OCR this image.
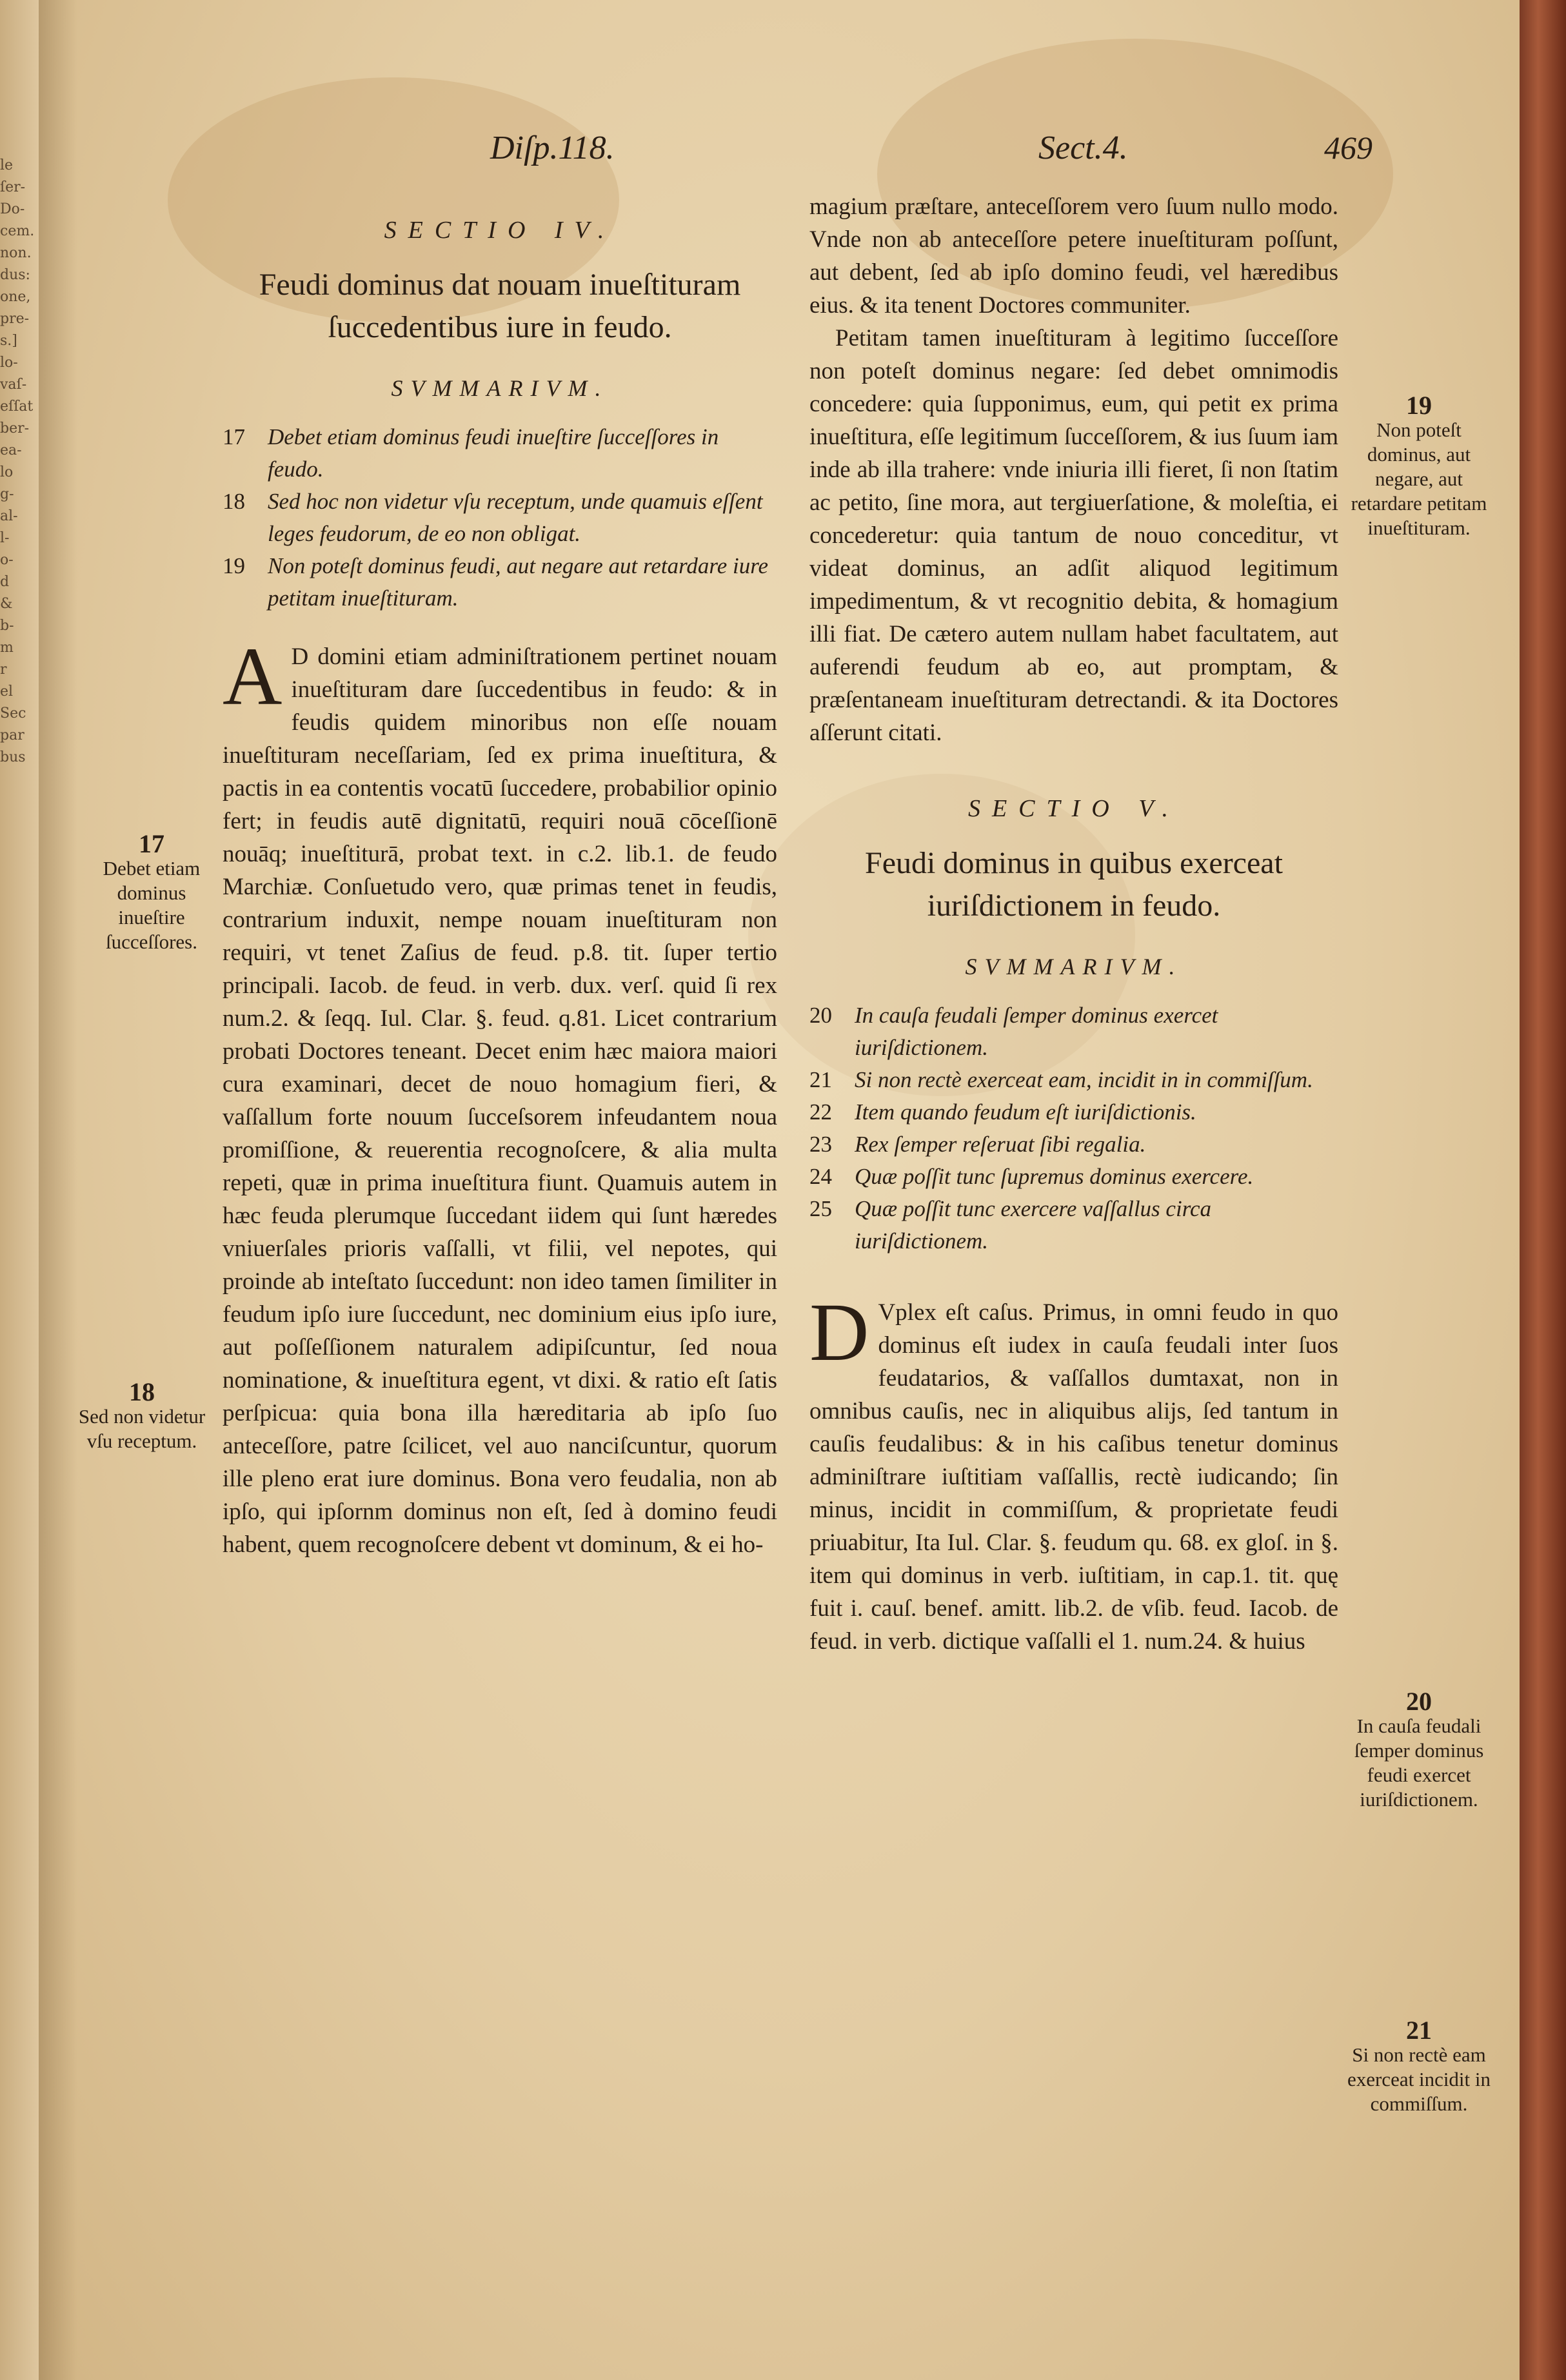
le ſer-
Do-
cem.
non.
dus:
one,
pre-
s.]
lo-
vaſ-
eſſat
ber-
ea-
lo
g-
al-
l-
o-
d
&
b-
m
r
el
Sec
par
bus
Diſp.118.	Sect.4.	469
SECTIO IV.
Feudi dominus dat nouam inueſtituram ſuccedentibus iure in feudo.
SVMMARIVM.
17	Debet etiam dominus feudi inueſtire ſucceſſores in feudo.
18	Sed hoc non videtur vſu receptum, unde quamuis eſſent leges feudorum, de eo non obligat.
19	Non poteſt dominus feudi, aut negare aut retardare iure petitam inueſtituram.

A D domini etiam adminiſtrationem pertinet nouam inueſtituram dare ſuccedentibus in feudo: & in feudis quidem minoribus non eſſe nouam inueſtituram neceſſariam, ſed ex prima inueſtitura, & pactis in ea contentis vocatū ſuccedere, probabilior opinio fert; in feudis autē dignitatū, requiri nouā cōceſſionē nouāq; inueſtiturā, probat text. in c.2. lib.1. de feudo Marchiæ. Conſuetudo vero, quæ primas tenet in feudis, contrarium induxit, nempe nouam inueſtituram non requiri, vt tenet Zaſius de feud. p.8. tit. ſuper tertio principali. Iacob. de feud. in verb. dux. verſ. quid ſi rex num.2. & ſeqq. Iul. Clar. §. feud. q.81. Licet contrarium probati Doctores teneant. Decet enim hæc maiora maiori cura examinari, decet de nouo homagium fieri, & vaſſallum forte nouum ſucceſsorem infeudantem noua promiſſione, & reuerentia recognoſcere, & alia multa repeti, quæ in prima inueſtitura fiunt. Quamuis autem in hæc feuda plerumque ſuccedant iidem qui ſunt hæredes vniuerſales prioris vaſſalli, vt filii, vel nepotes, qui proinde ab inteſtato ſuccedunt: non ideo tamen ſimiliter in feudum ipſo iure ſuccedunt, nec dominium eius ipſo iure, aut poſſeſſionem naturalem adipiſcuntur, ſed noua nominatione, & inueſtitura egent, vt dixi. & ratio eſt ſatis perſpicua: quia bona illa hæreditaria ab ipſo ſuo anteceſſore, patre ſcilicet, vel auo nanciſcuntur, quorum ille pleno erat iure dominus. Bona vero feudalia, non ab ipſo, qui ipſornm dominus non eſt, ſed à domino feudi habent, quem recognoſcere debent vt dominum, & ei ho-

magium præſtare, anteceſſorem vero ſuum nullo modo. Vnde non ab anteceſſore petere inueſtituram poſſunt, aut debent, ſed ab ipſo domino feudi, vel hæredibus eius. & ita tenent Doctores communiter.

Petitam tamen inueſtituram à legitimo ſucceſſore non poteſt dominus negare: ſed debet omnimodis concedere: quia ſupponimus, eum, qui petit ex prima inueſtitura, eſſe legitimum ſucceſſorem, & ius ſuum iam inde ab illa trahere: vnde iniuria illi fieret, ſi non ſtatim ac petito, ſine mora, aut tergiuerſatione, & moleſtia, ei concederetur: quia tantum de nouo conceditur, vt videat dominus, an adſit aliquod legitimum impedimentum, & vt recognitio debita, & homagium illi fiat. De cætero autem nullam habet facultatem, aut auferendi feudum ab eo, aut promptam, & præſentaneam inueſtituram detrectandi. & ita Doctores aſſerunt citati.

SECTIO V.
Feudi dominus in quibus exerceat iuriſdictionem in feudo.
SVMMARIVM.
20	In cauſa feudali ſemper dominus exercet iuriſdictionem.
21	Si non rectè exerceat eam, incidit in in commiſſum.
22	Item quando feudum eſt iuriſdictionis.
23	Rex ſemper reſeruat ſibi regalia.
24	Quæ poſſit tunc ſupremus dominus exercere.
25	Quæ poſſit tunc exercere vaſſallus circa iuriſdictionem.

D Vplex eſt caſus. Primus, in omni feudo in quo dominus eſt iudex in cauſa feudali inter ſuos feudatarios, & vaſſallos dumtaxat, non in omnibus cauſis, nec in aliquibus alijs, ſed tantum in cauſis feudalibus: & in his caſibus tenetur dominus adminiſtrare iuſtitiam vaſſallis, rectè iudicando; ſin minus, incidit in commiſſum, & proprietate feudi priuabitur, Ita Iul. Clar. §. feudum qu. 68. ex gloſ. in §. item qui dominus in verb. iuſtitiam, in cap.1. tit. quę fuit i. cauſ. benef. amitt. lib.2. de vſib. feud. Iacob. de feud. in verb. dictique vaſſalli el 1. num.24. & huius

17
Debet etiam dominus inueſtire ſucceſſores.
18
Sed non videtur vſu receptum.
19
Non poteſt dominus, aut negare, aut retardare petitam inueſtituram.
20
In cauſa feudali ſemper dominus feudi exercet iuriſdictionem.
21
Si non rectè eam exerceat incidit in commiſſum.
